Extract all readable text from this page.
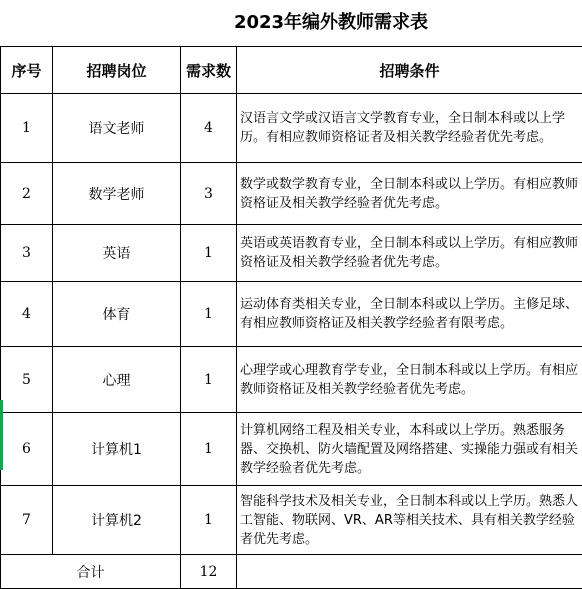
2023年编外教师需求表
序号	招聘岗位	需求数	招聘条件
1	语文老师	4	汉语言文学或汉语言文学教育专业，全日制本科或以上学历。有相应教师资格证者及相关教学经验者优先考虑。
2	数学老师	3	数学或数学教育专业，全日制本科或以上学历。有相应教师资格证及相关教学经验者优先考虑。
3	英语	1	英语或英语教育专业，全日制本科或以上学历。有相应教师资格证及相关教学经验者优先考虑。
4	体育	1	运动体育类相关专业，全日制本科或以上学历。主修足球、有相应教师资格证及相关教学经验者有限考虑。
5	心理	1	心理学或心理教育学专业，全日制本科或以上学历。有相应教师资格证及相关教学经验者优先考虑。
6	计算机1	1	计算机网络工程及相关专业，本科或以上学历。熟悉服务器、交换机、防火墙配置及网络搭建、实操能力强或有相关教学经验者优先考虑。
7	计算机2	1	智能科学技术及相关专业，全日制本科或以上学历。熟悉人工智能、物联网、VR、AR等相关技术、具有相关教学经验者优先考虑。
合计		12	
